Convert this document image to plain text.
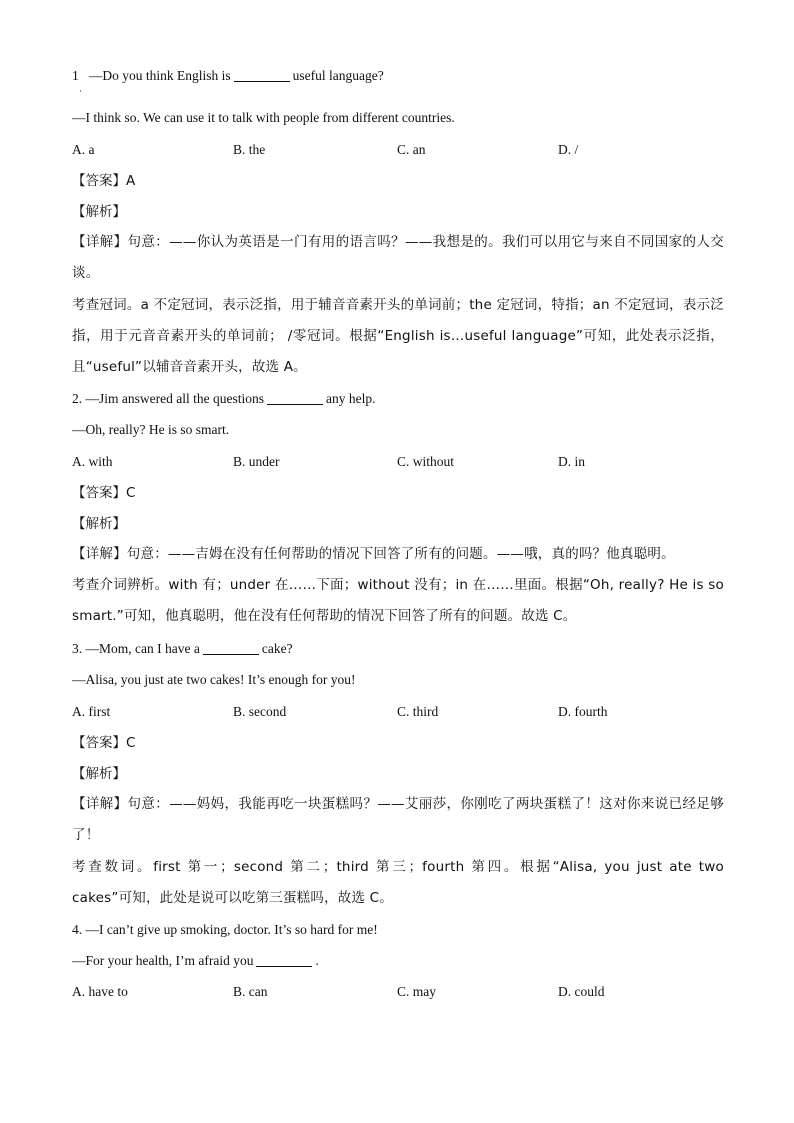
1 —Do you think English is	useful language?
·
—I think so. We can use it to talk with people from different countries.
A. a	B. the	C. an	D. /
【答案】A
【解析】
【详解】句意：——你认为英语是一门有用的语言吗？——我想是的。我们可以用它与来自不同国家的人交谈。
考查冠词。a 不定冠词，表示泛指，用于辅音音素开头的单词前；the 定冠词，特指；an 不定冠词，表示泛指，用于元音音素开头的单词前； /零冠词。根据“English is…useful language”可知，此处表示泛指，且“useful”以辅音音素开头，故选 A。
2. —Jim answered all the questions	any help.
—Oh, really? He is so smart.
A. with	B. under	C. without	D. in
【答案】C
【解析】
【详解】句意：——吉姆在没有任何帮助的情况下回答了所有的问题。——哦，真的吗？他真聪明。
考查介词辨析。with 有；under 在……下面；without 没有；in 在……里面。根据“Oh, really? He is so smart.”可知，他真聪明，他在没有任何帮助的情况下回答了所有的问题。故选 C。
3. —Mom, can I have a	cake?
—Alisa, you just ate two cakes! It’s enough for you!
A. first	B. second	C. third	D. fourth
【答案】C
【解析】
【详解】句意：——妈妈，我能再吃一块蛋糕吗？——艾丽莎，你刚吃了两块蛋糕了！这对你来说已经足够了！
考查数词。first 第一；second 第二；third 第三；fourth 第四。根据“Alisa, you just ate two cakes”可知，此处是说可以吃第三蛋糕吗，故选 C。
4. —I can’t give up smoking, doctor. It’s so hard for me!
—For your health, I’m afraid you	.
A. have to	B. can	C. may	D. could
